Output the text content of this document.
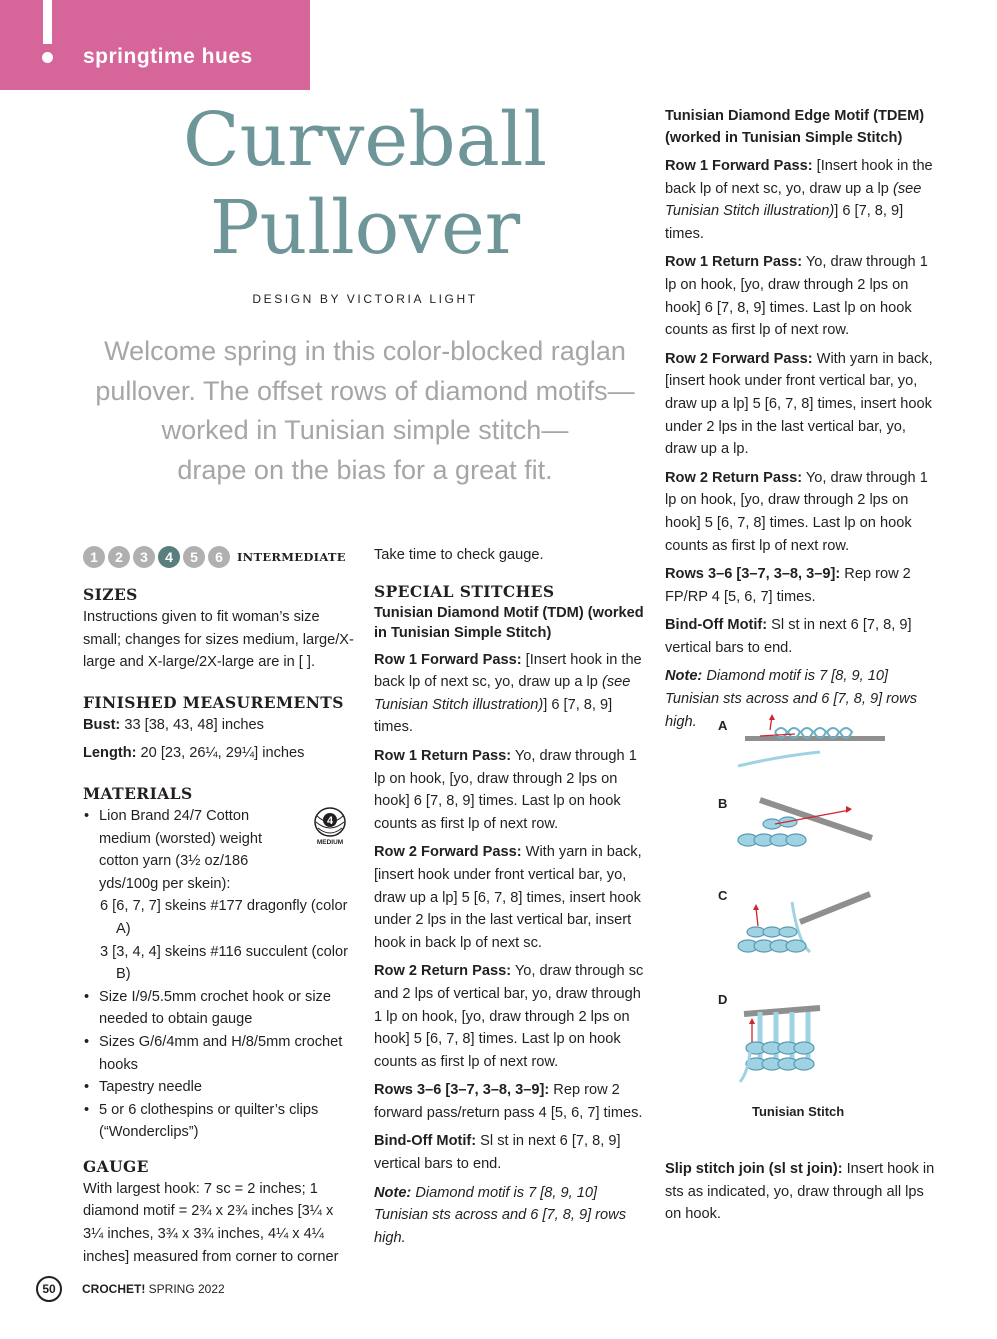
springtime hues
Curveball
Pullover
DESIGN BY VICTORIA LIGHT
Welcome spring in this color-blocked raglan
pullover. The offset rows of diamond motifs—
worked in Tunisian simple stitch—
drape on the bias for a great fit.
1	2	3	4	5	6	INTERMEDIATE
SIZES

Instructions given to fit woman’s size small; changes for sizes medium, large/X-large and X-large/2X-large are in [ ].

FINISHED MEASUREMENTS

Bust: 33 [38, 43, 48] inches

Length: 20 [23, 26¼, 29¼] inches

MATERIALS
• Lion Brand 24/7 Cotton medium (worsted) weight cotton yarn (3½ oz/186 yds/100g per skein):
6 [6, 7, 7] skeins #177 dragonfly (color A)
3 [3, 4, 4] skeins #116 succulent (color B)
• Size I/9/5.5mm crochet hook or size needed to obtain gauge
• Sizes G/6/4mm and H/8/5mm crochet hooks
• Tapestry needle
• 5 or 6 clothespins or quilter’s clips (“Wonderclips”)
GAUGE

With largest hook: 7 sc = 2 inches; 1 diamond motif = 2¾ x 2¾ inches [3¼ x 3¼ inches, 3¾ x 3¾ inches, 4¼ x 4¼ inches] measured from corner to corner

4
MEDIUM

Take time to check gauge.

SPECIAL STITCHES

Tunisian Diamond Motif (TDM) (worked in Tunisian Simple Stitch)

Row 1 Forward Pass: [Insert hook in the back lp of next sc, yo, draw up a lp (see Tunisian Stitch illustration)] 6 [7, 8, 9] times.

Row 1 Return Pass: Yo, draw through 1 lp on hook, [yo, draw through 2 lps on hook] 6 [7, 8, 9] times. Last lp on hook counts as first lp of next row.

Row 2 Forward Pass: With yarn in back, [insert hook under front vertical bar, yo, draw up a lp] 5 [6, 7, 8] times, insert hook under 2 lps in the last vertical bar, insert hook in back lp of next sc.

Row 2 Return Pass: Yo, draw through sc and 2 lps of vertical bar, yo, draw through 1 lp on hook, [yo, draw through 2 lps on hook] 5 [6, 7, 8] times. Last lp on hook counts as first lp of next row.

Rows 3–6 [3–7, 3–8, 3–9]: Rep row 2 forward pass/return pass 4 [5, 6, 7] times.

Bind-Off Motif: Sl st in next 6 [7, 8, 9] vertical bars to end.

Note: Diamond motif is 7 [8, 9, 10] Tunisian sts across and 6 [7, 8, 9] rows high.

Tunisian Diamond Edge Motif (TDEM) (worked in Tunisian Simple Stitch)

Row 1 Forward Pass: [Insert hook in the back lp of next sc, yo, draw up a lp (see Tunisian Stitch illustration)] 6 [7, 8, 9] times.

Row 1 Return Pass: Yo, draw through 1 lp on hook, [yo, draw through 2 lps on hook] 6 [7, 8, 9] times. Last lp on hook counts as first lp of next row.

Row 2 Forward Pass: With yarn in back, [insert hook under front vertical bar, yo, draw up a lp] 5 [6, 7, 8] times, insert hook under 2 lps in the last vertical bar, yo, draw up a lp.

Row 2 Return Pass: Yo, draw through 1 lp on hook, [yo, draw through 2 lps on hook] 5 [6, 7, 8] times. Last lp on hook counts as first lp of next row.

Rows 3–6 [3–7, 3–8, 3–9]: Rep row 2 FP/RP 4 [5, 6, 7] times.

Bind-Off Motif: Sl st in next 6 [7, 8, 9] vertical bars to end.

Note: Diamond motif is 7 [8, 9, 10] Tunisian sts across and 6 [7, 8, 9] rows high.	A
B
C
D
Tunisian Stitch

Slip stitch join (sl st join): Insert hook in sts as indicated, yo, draw through all lps on hook.

50	CROCHET! SPRING 2022
